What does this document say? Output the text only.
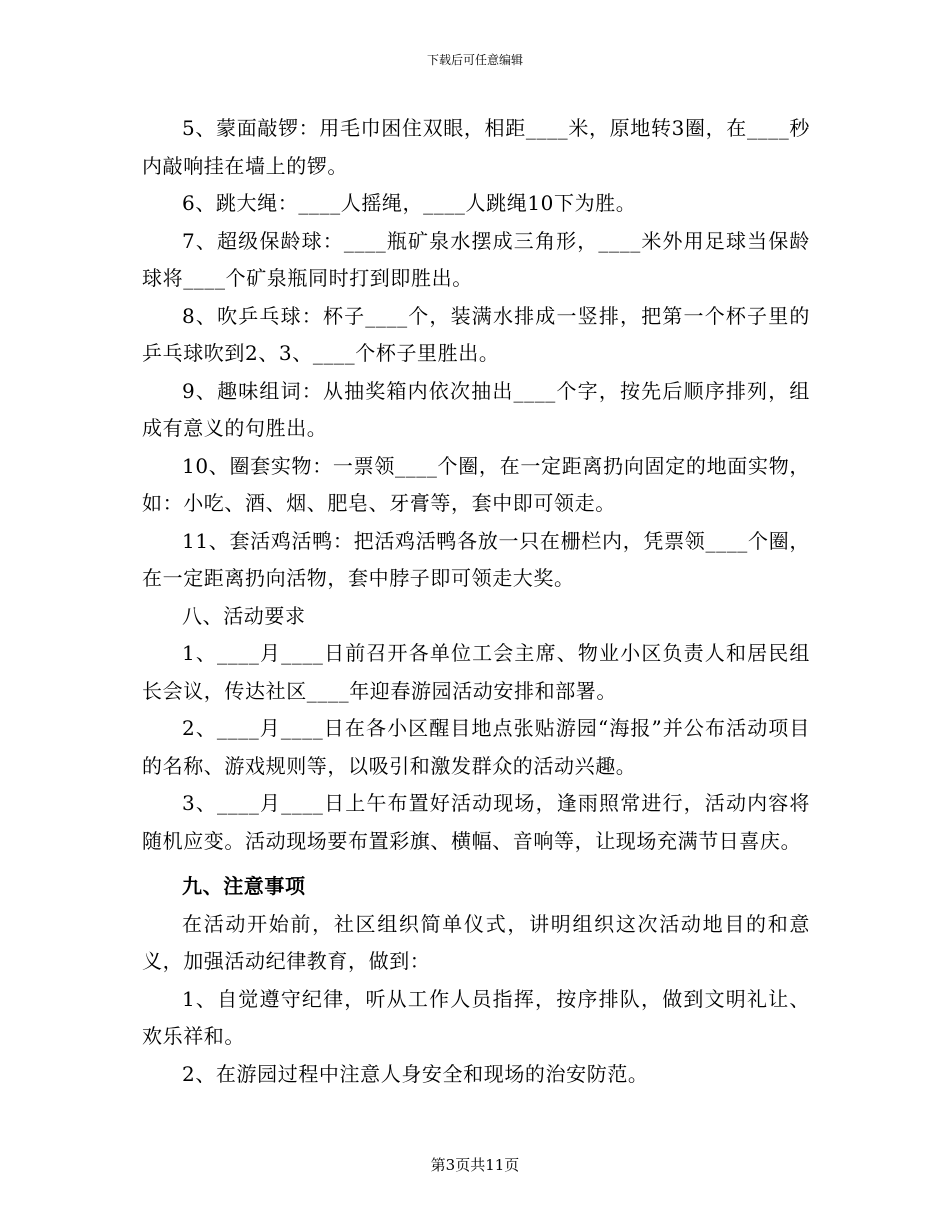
下载后可任意编辑

5、蒙面敲锣：用毛巾困住双眼，相距____米，原地转3圈，在____秒内敲响挂在墙上的锣。

6、跳大绳：____人摇绳，____人跳绳10下为胜。

7、超级保龄球：____瓶矿泉水摆成三角形，____米外用足球当保龄球将____个矿泉瓶同时打到即胜出。

8、吹乒乓球：杯子____个，装满水排成一竖排，把第一个杯子里的乒乓球吹到2、3、____个杯子里胜出。

9、趣味组词：从抽奖箱内依次抽出____个字，按先后顺序排列，组成有意义的句胜出。

10、圈套实物：一票领____个圈，在一定距离扔向固定的地面实物，如：小吃、酒、烟、肥皂、牙膏等，套中即可领走。

11、套活鸡活鸭：把活鸡活鸭各放一只在栅栏内，凭票领____个圈，在一定距离扔向活物，套中脖子即可领走大奖。

八、活动要求

1、____月____日前召开各单位工会主席、物业小区负责人和居民组长会议，传达社区____年迎春游园活动安排和部署。

2、____月____日在各小区醒目地点张贴游园“海报”并公布活动项目的名称、游戏规则等，以吸引和激发群众的活动兴趣。

3、____月____日上午布置好活动现场，逢雨照常进行，活动内容将随机应变。活动现场要布置彩旗、横幅、音响等，让现场充满节日喜庆。

九、注意事项

在活动开始前，社区组织简单仪式，讲明组织这次活动地目的和意义，加强活动纪律教育，做到：

1、自觉遵守纪律，听从工作人员指挥，按序排队，做到文明礼让、欢乐祥和。

2、在游园过程中注意人身安全和现场的治安防范。

第3页共11页
